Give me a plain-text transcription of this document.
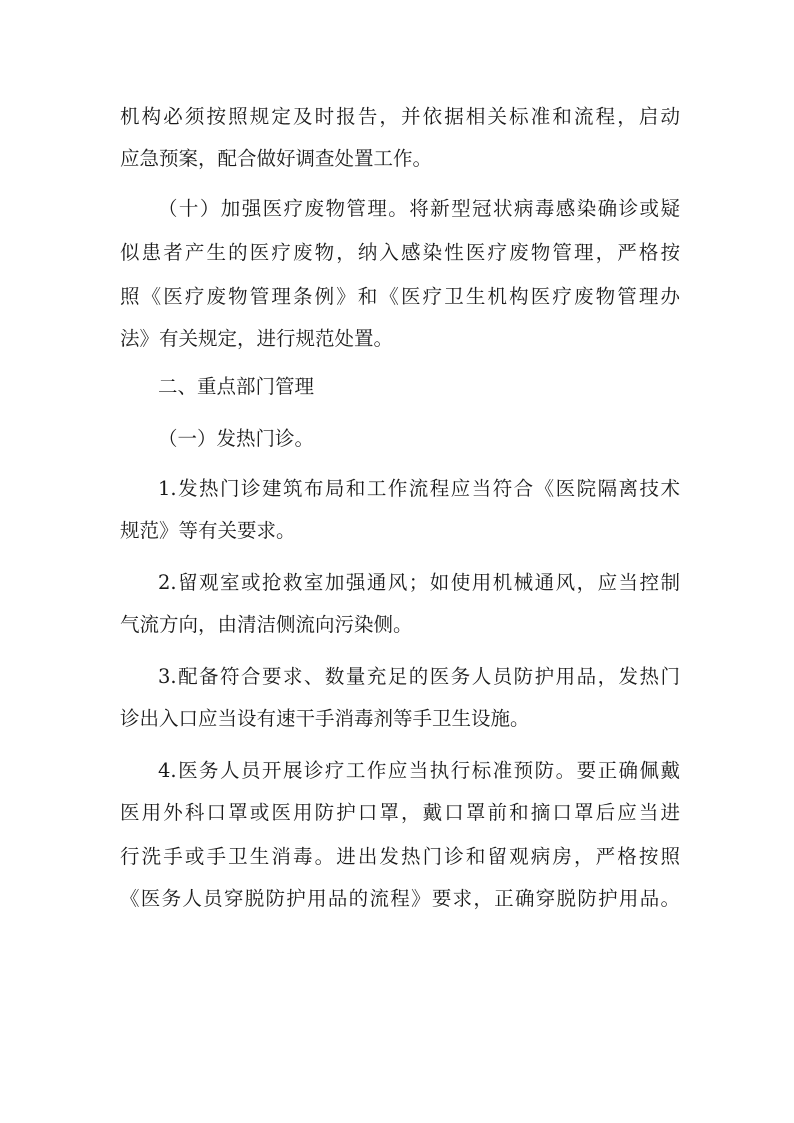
机构必须按照规定及时报告，并依据相关标准和流程，启动
应急预案，配合做好调查处置工作。
（十）加强医疗废物管理。将新型冠状病毒感染确诊或疑
似患者产生的医疗废物，纳入感染性医疗废物管理，严格按
照《医疗废物管理条例》和《医疗卫生机构医疗废物管理办
法》有关规定，进行规范处置。
二、重点部门管理
（一）发热门诊。
1.发热门诊建筑布局和工作流程应当符合《医院隔离技术
规范》等有关要求。
2.留观室或抢救室加强通风；如使用机械通风，应当控制
气流方向，由清洁侧流向污染侧。
3.配备符合要求、数量充足的医务人员防护用品，发热门
诊出入口应当设有速干手消毒剂等手卫生设施。
4.医务人员开展诊疗工作应当执行标准预防。要正确佩戴
医用外科口罩或医用防护口罩，戴口罩前和摘口罩后应当进
行洗手或手卫生消毒。进出发热门诊和留观病房，严格按照
《医务人员穿脱防护用品的流程》要求，正确穿脱防护用品。
